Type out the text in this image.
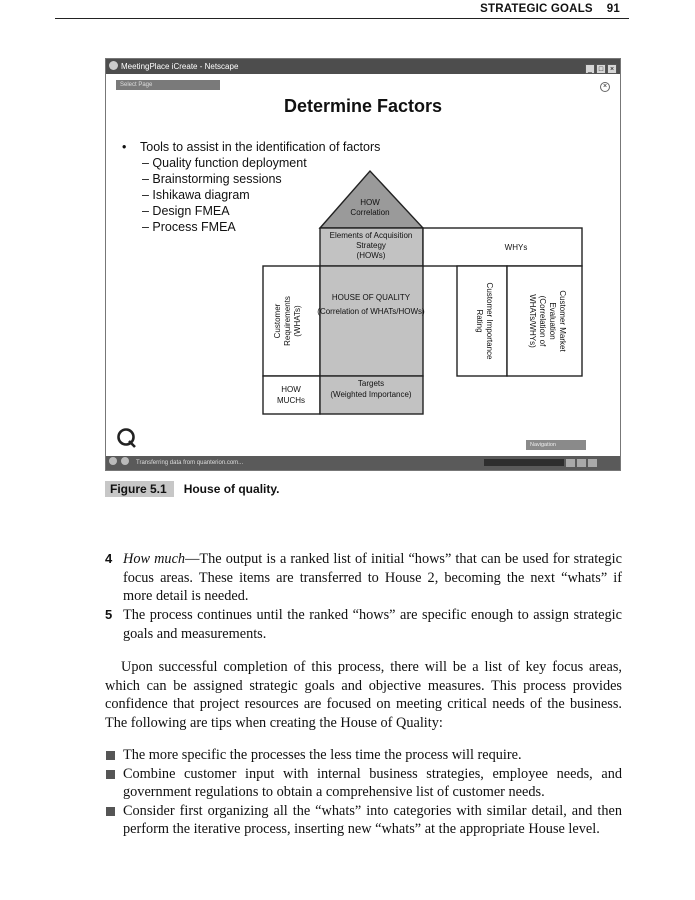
STRATEGIC GOALS 91
MeetingPlace iCreate - Netscape	_ □ ×
Select Page	×
Determine Factors
• Tools to assist in the identification of factors
– Quality function deployment
– Brainstorming sessions
– Ishikawa diagram
– Design FMEA
– Process FMEA
Navigation
Transferring data from quanterion.com...
HOW
Correlation
Elements of Acquisition
Strategy
(HOWs)
WHYs
HOUSE OF QUALITY
(Correlation of WHATs/HOWs)
Customer Requirements (WHATs)	Customer Importance
Rating	Customer Market
Evaluation
(Correlation of
WHATs/WHYs)
HOW
MUCHs
Targets
(Weighted Importance)
Figure 5.1 House of quality.
4 How much—The output is a ranked list of initial “hows” that can be used for strategic focus areas. These items are transferred to House 2, becoming the next “whats” if more detail is needed.
5 The process continues until the ranked “hows” are specific enough to assign strategic goals and measurements.
Upon successful completion of this process, there will be a list of key focus areas, which can be assigned strategic goals and objective measures. This process provides confidence that project resources are focused on meeting critical needs of the business. The following are tips when creating the House of Quality:
The more specific the processes the less time the process will require.
Combine customer input with internal business strategies, employee needs, and government regulations to obtain a comprehensive list of customer needs.
Consider first organizing all the “whats” into categories with similar detail, and then perform the iterative process, inserting new “whats” at the appropriate House level.
